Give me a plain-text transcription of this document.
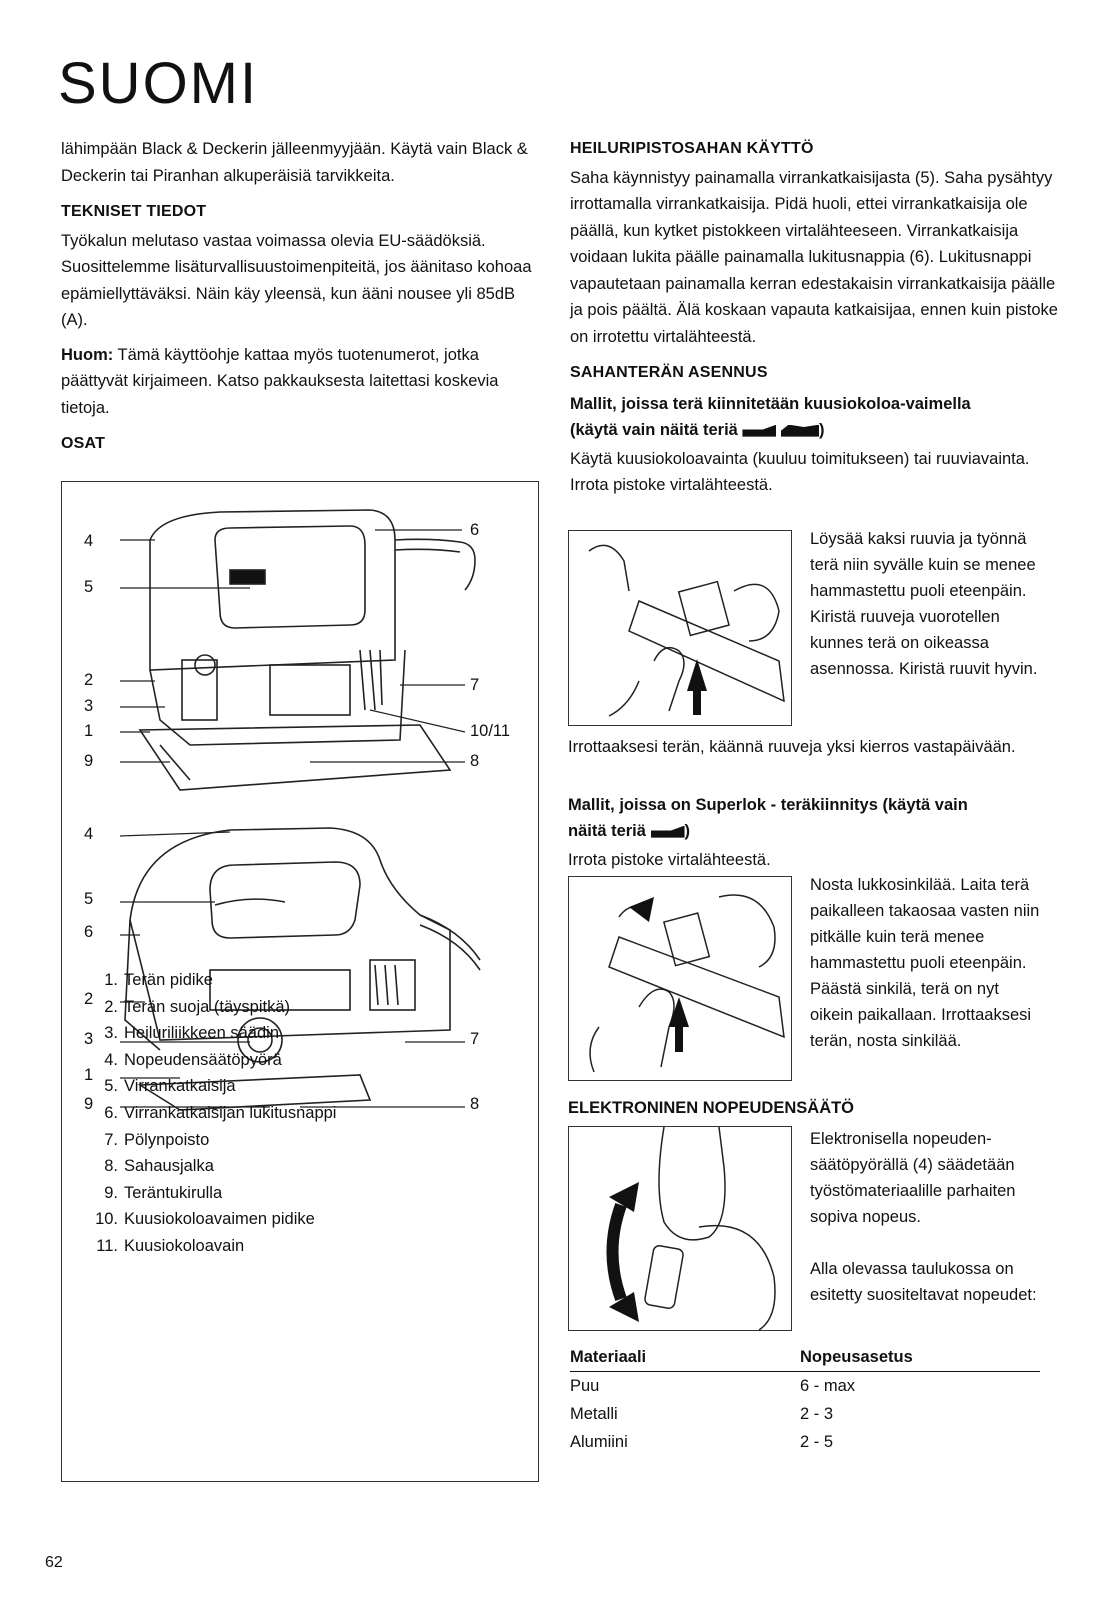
SUOMI

lähimpään Black & Deckerin jälleenmyyjään. Käytä vain Black & Deckerin tai Piranhan alkuperäisiä tarvikkeita.

TEKNISET TIEDOT

Työkalun melutaso vastaa voimassa olevia EU-säädöksiä. Suosittelemme lisäturvallisuustoimenpiteitä, jos äänitaso kohoaa epämiellyttäväksi. Näin käy yleensä, kun ääni nousee yli 85dB (A).

Huom: Tämä käyttöohje kattaa myös tuotenumerot, jotka päättyvät kirjaimeen. Katso pakkauksesta laitettasi koskevia tietoja.

OSAT
4
5
2
3
1
9
6
7
10/11
8
4
5
6
2
3
1
9
7
8
1. Terän pidike
2. Terän suoja (täyspitkä)
3. Heiluriliikkeen säädin
4. Nopeudensäätöpyörä
5. Virrankatkaisija
6. Virrankatkaisijan lukitusnappi
7. Pölynpoisto
8. Sahausjalka
9. Teräntukirulla
10. Kuusiokoloavaimen pidike
11. Kuusiokoloavain
HEILURIPISTOSAHAN KÄYTTÖ

Saha käynnistyy painamalla virrankatkaisijasta (5). Saha pysähtyy irrottamalla virrankatkaisija. Pidä huoli, ettei virrankatkaisija ole päällä, kun kytket pistokkeen virtalähteeseen. Virrankatkaisija voidaan lukita päälle painamalla lukitusnappia (6). Lukitusnappi vapautetaan painamalla kerran edestakaisin virrankatkaisija päälle ja pois päältä. Älä koskaan vapauta katkaisijaa, ennen kuin pistoke on irrotettu virtalähteestä.

SAHANTERÄN ASENNUS
Mallit, joissa terä kiinnitetään kuusiokoloa-vaimella
(käytä vain näitä teriä	)

Käytä kuusiokoloavainta (kuuluu toimitukseen) tai ruuviavainta. Irrota pistoke virtalähteestä.

Löysää kaksi ruuvia ja työnnä terä niin syvälle kuin se menee hammastettu puoli eteenpäin. Kiristä ruuveja vuorotellen kunnes terä on oikeassa asennossa. Kiristä ruuvit hyvin.
Irrottaaksesi terän, käännä ruuveja yksi kierros vastapäivään.
Mallit, joissa on Superlok - teräkiinnitys (käytä vain
näitä teriä )
Irrota pistoke virtalähteestä.
Nosta lukkosinkilää. Laita terä paikalleen takaosaa vasten niin pitkälle kuin terä menee hammastettu puoli eteenpäin. Päästä sinkilä, terä on nyt oikein paikallaan. Irrottaaksesi terän, nosta sinkilää.
ELEKTRONINEN NOPEUDENSÄÄTÖ
Elektronisella nopeuden-säätöpyörällä (4) säädetään työstömateriaalille parhaiten sopiva nopeus.
Alla olevassa taulukossa on esitetty suositeltavat nopeudet:
Materiaali	Nopeusasetus
Puu	6 - max
Metalli	2 - 3
Alumiini	2 - 5
62
